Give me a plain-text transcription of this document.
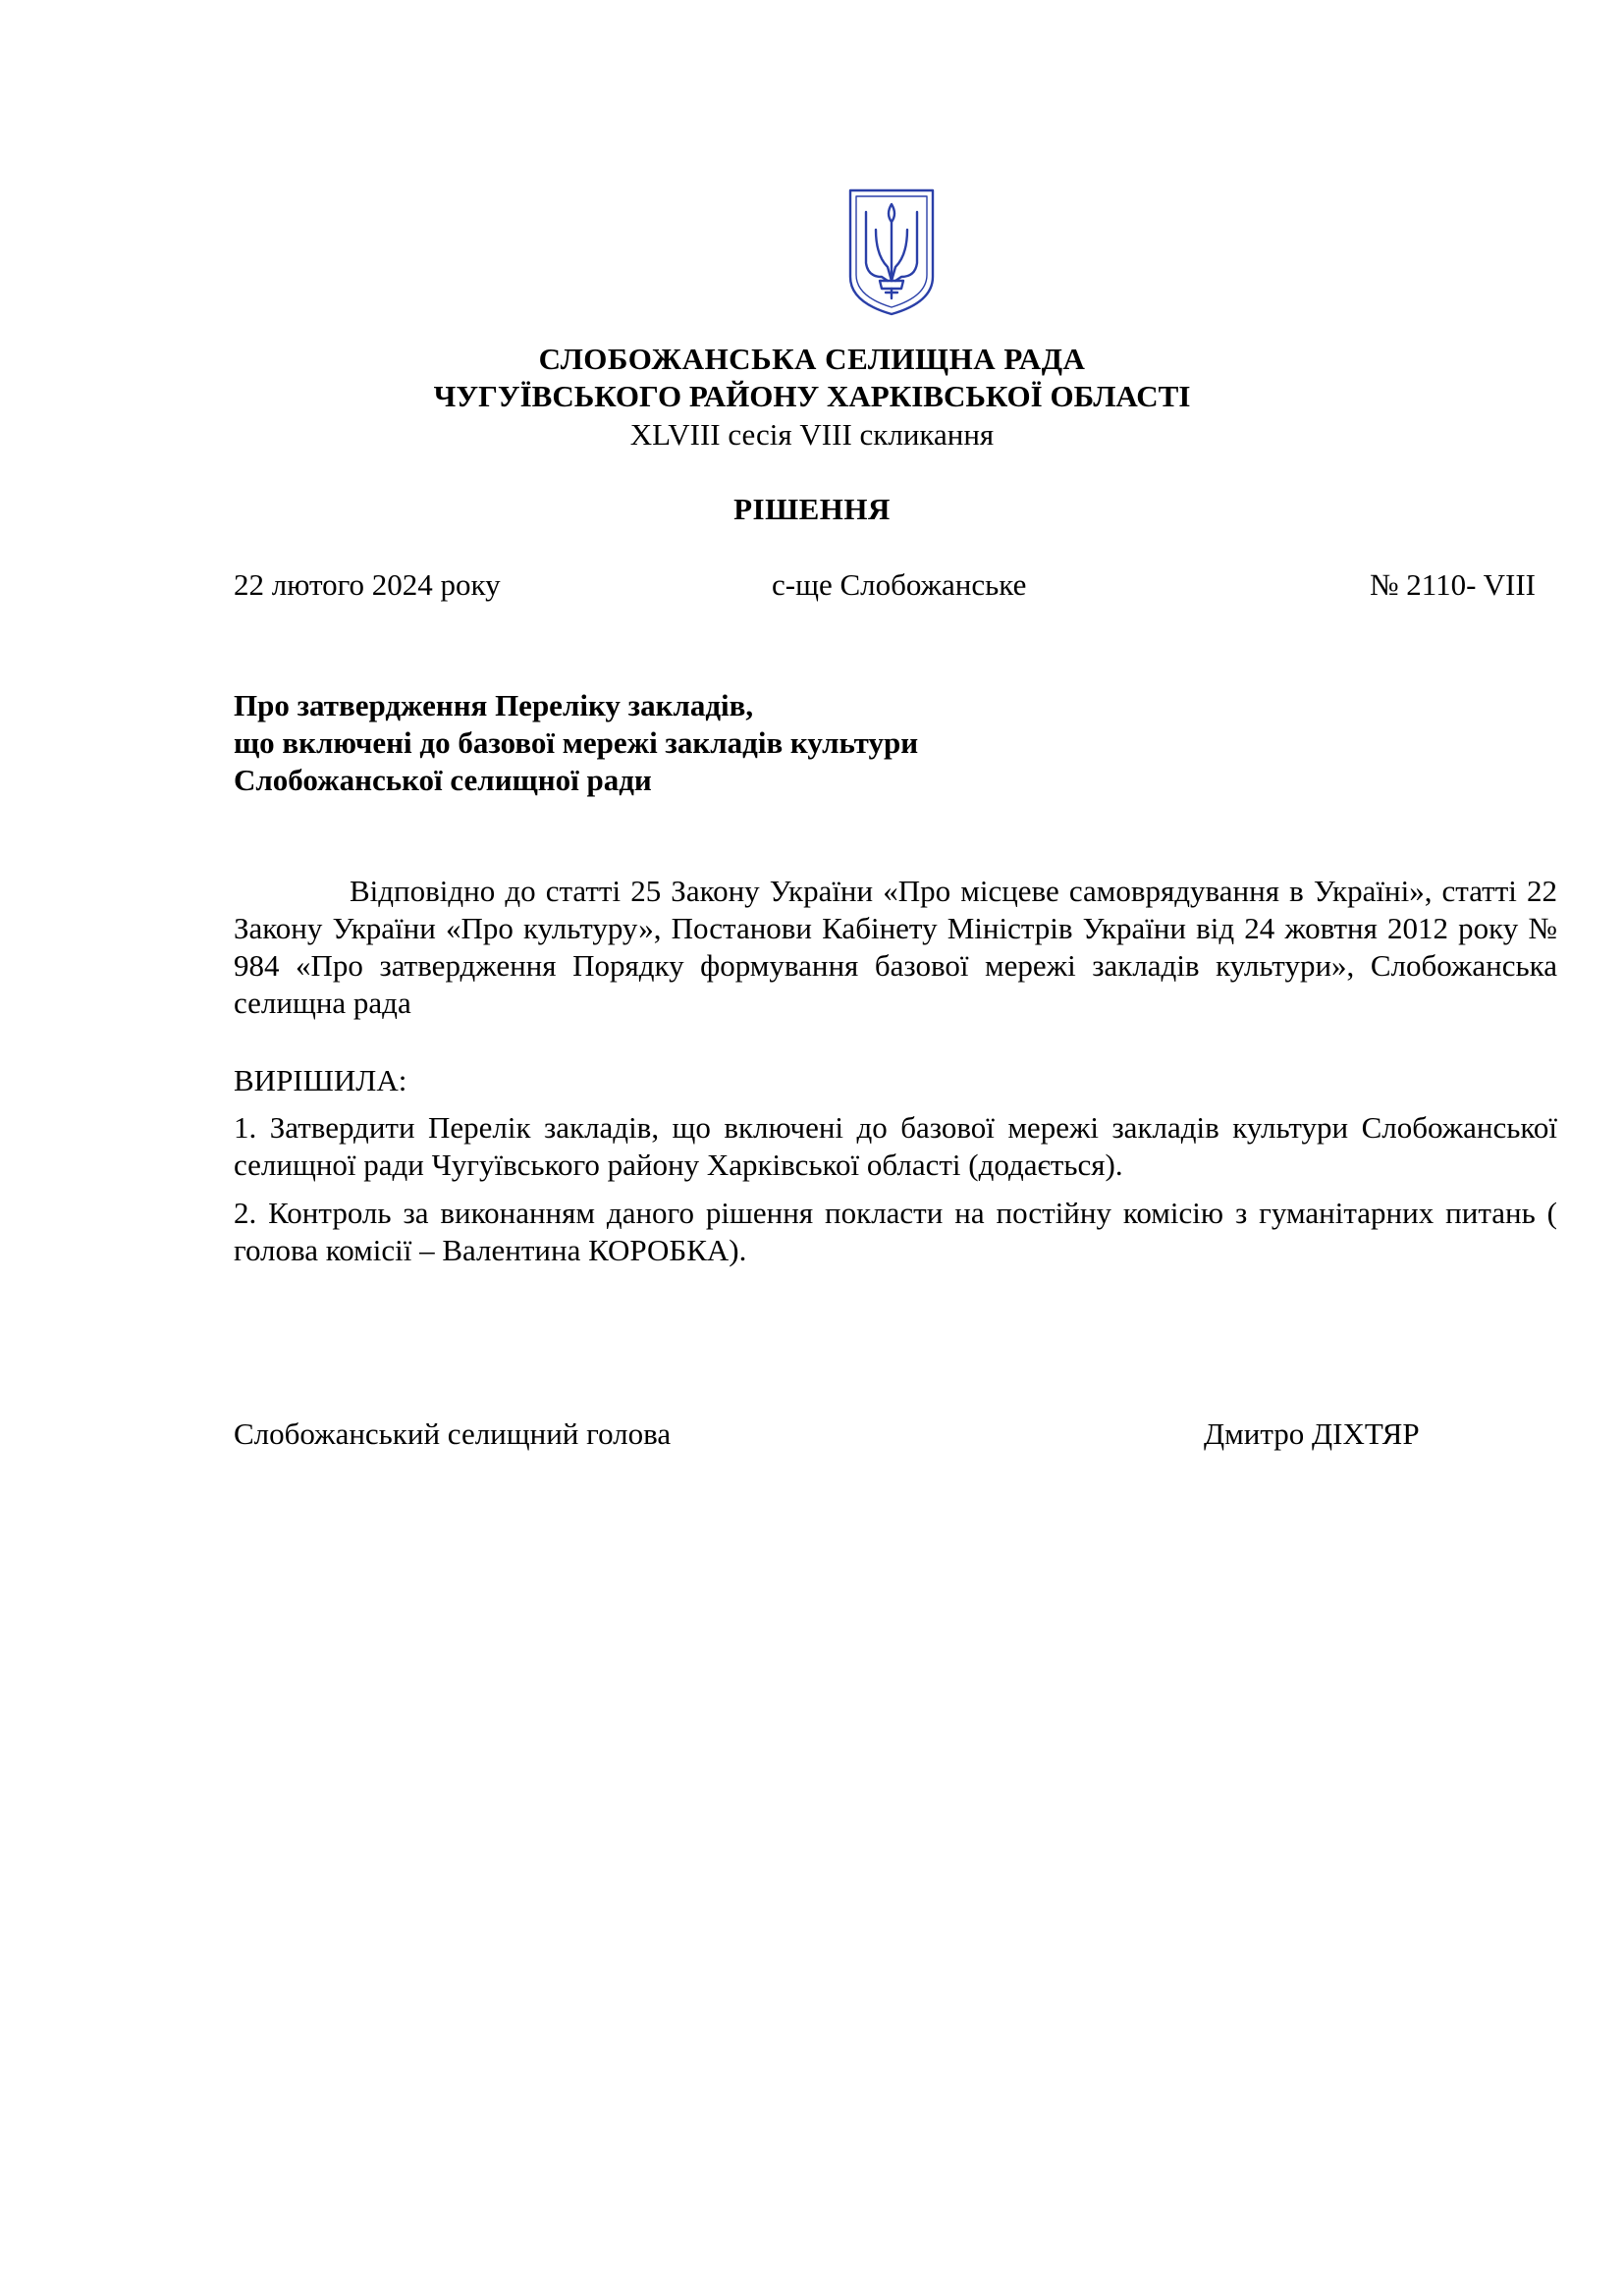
СЛОБОЖАНСЬКА СЕЛИЩНА РАДА
ЧУГУЇВСЬКОГО РАЙОНУ ХАРКІВСЬКОЇ ОБЛАСТІ
XLVIII сесія VIII скликання
РІШЕННЯ
22 лютого 2024 року	с-ще Слобожанське	№ 2110- VIII
Про затвердження Переліку закладів,
що включені до базової мережі закладів культури
Слобожанської селищної ради
Відповідно до статті 25 Закону України «Про місцеве самоврядування в Україні», статті 22 Закону України «Про культуру», Постанови Кабінету Міністрів України від 24 жовтня 2012 року № 984 «Про затвердження Порядку формування базової мережі закладів культури», Слобожанська селищна рада
ВИРІШИЛА:
1. Затвердити Перелік закладів, що включені до базової мережі закладів культури Слобожанської селищної ради Чугуївського району Харківської області (додається).
2. Контроль за виконанням даного рішення покласти на постійну комісію з гуманітарних питань ( голова комісії – Валентина КОРОБКА).
Слобожанський селищний голова	Дмитро ДІХТЯР
